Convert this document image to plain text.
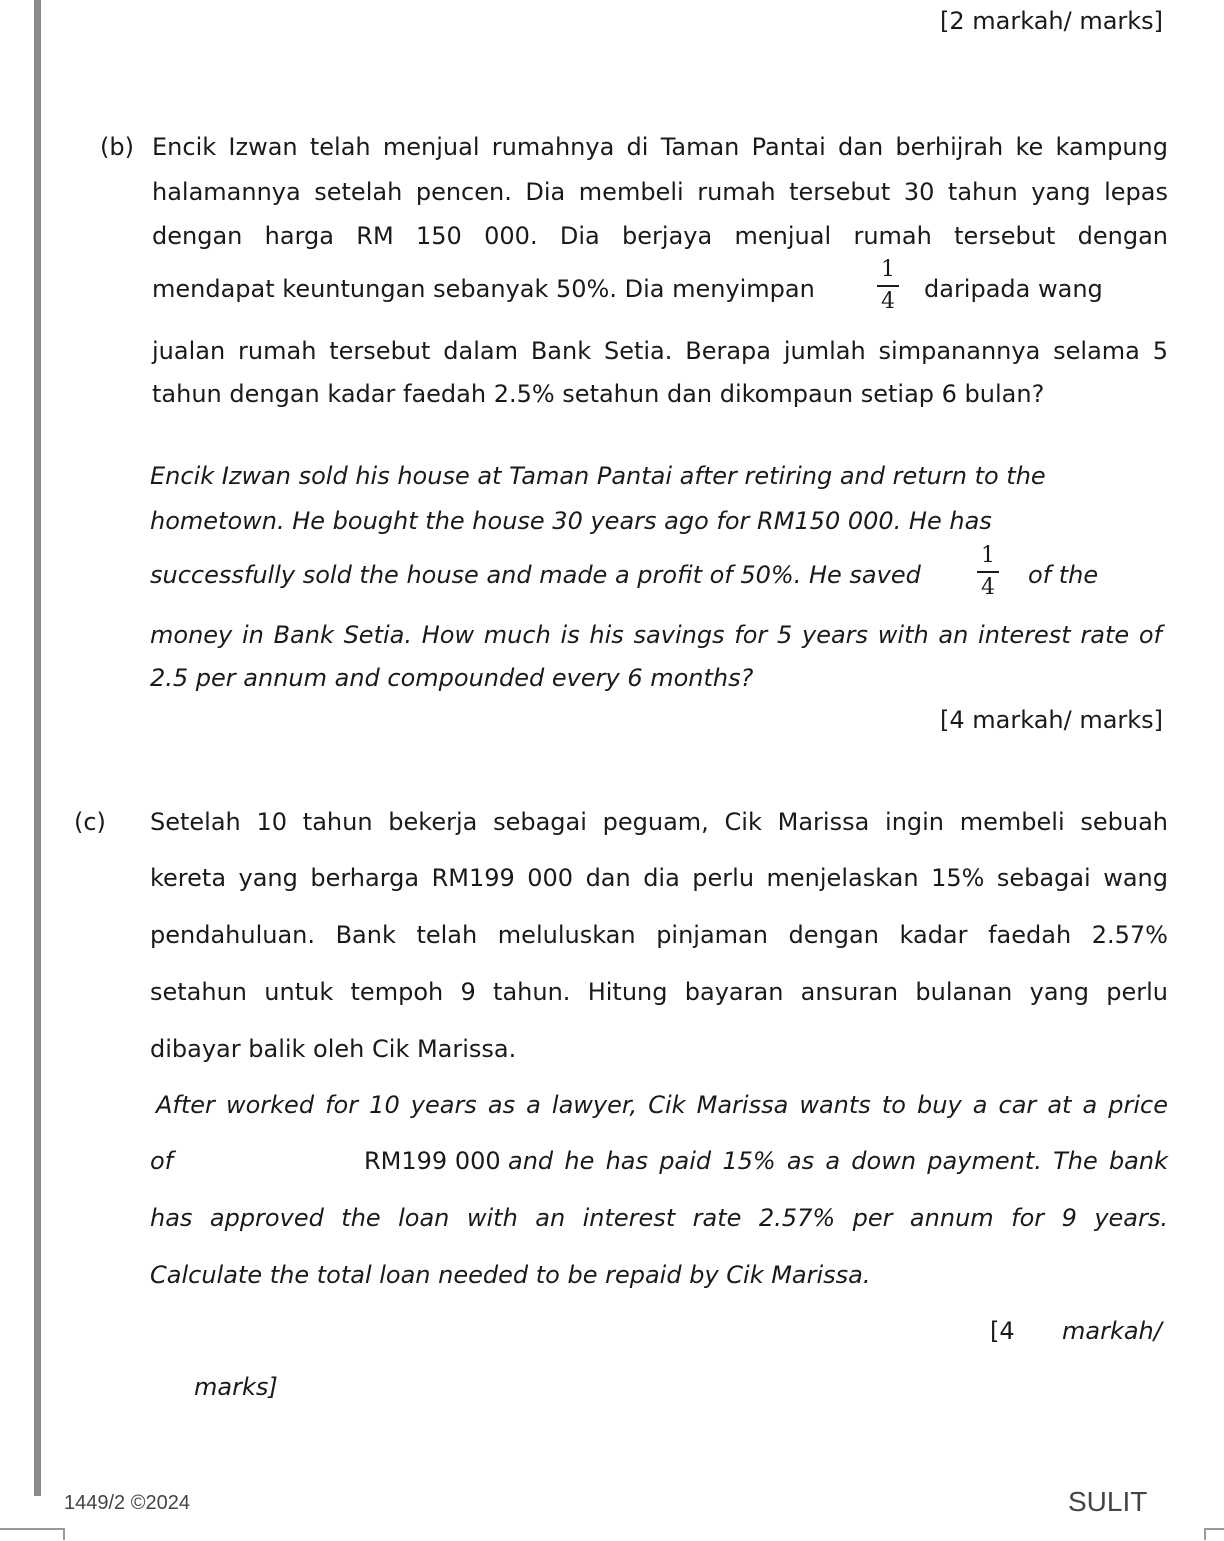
[2 markah/ marks]
(b) Encik Izwan telah menjual rumahnya di Taman Pantai dan berhijrah ke kampung
halamannya setelah pencen. Dia membeli rumah tersebut 30 tahun yang lepas
dengan harga RM 150 000. Dia berjaya menjual rumah tersebut dengan
mendapat keuntungan sebanyak 50%. Dia menyimpan
1
4	daripada wang
jualan rumah tersebut dalam Bank Setia. Berapa jumlah simpanannya selama 5
tahun dengan kadar faedah 2.5% setahun dan dikompaun setiap 6 bulan?
Encik Izwan sold his house at Taman Pantai after retiring and return to the
hometown. He bought the house 30 years ago for RM150 000. He has
successfully sold the house and made a profit of 50%. He saved
1
4	of the
money in Bank Setia. How much is his savings for 5 years with an interest rate of
2.5 per annum and compounded every 6 months?
[4 markah/ marks]
(c) Setelah 10 tahun bekerja sebagai peguam, Cik Marissa ingin membeli sebuah
kereta yang berharga RM199 000 dan dia perlu menjelaskan 15% sebagai wang
pendahuluan. Bank telah meluluskan pinjaman dengan kadar faedah 2.57%
setahun untuk tempoh 9 tahun. Hitung bayaran ansuran bulanan yang perlu
dibayar balik oleh Cik Marissa.
After worked for 10 years as a lawyer, Cik Marissa wants to buy a car at a price
of	RM199 000 and he has paid 15% as a down payment. The bank
has approved the loan with an interest rate 2.57% per annum for 9 years.
Calculate the total loan needed to be repaid by Cik Marissa.
[4 markah/
marks]
1449/2 ©2024	SULIT
